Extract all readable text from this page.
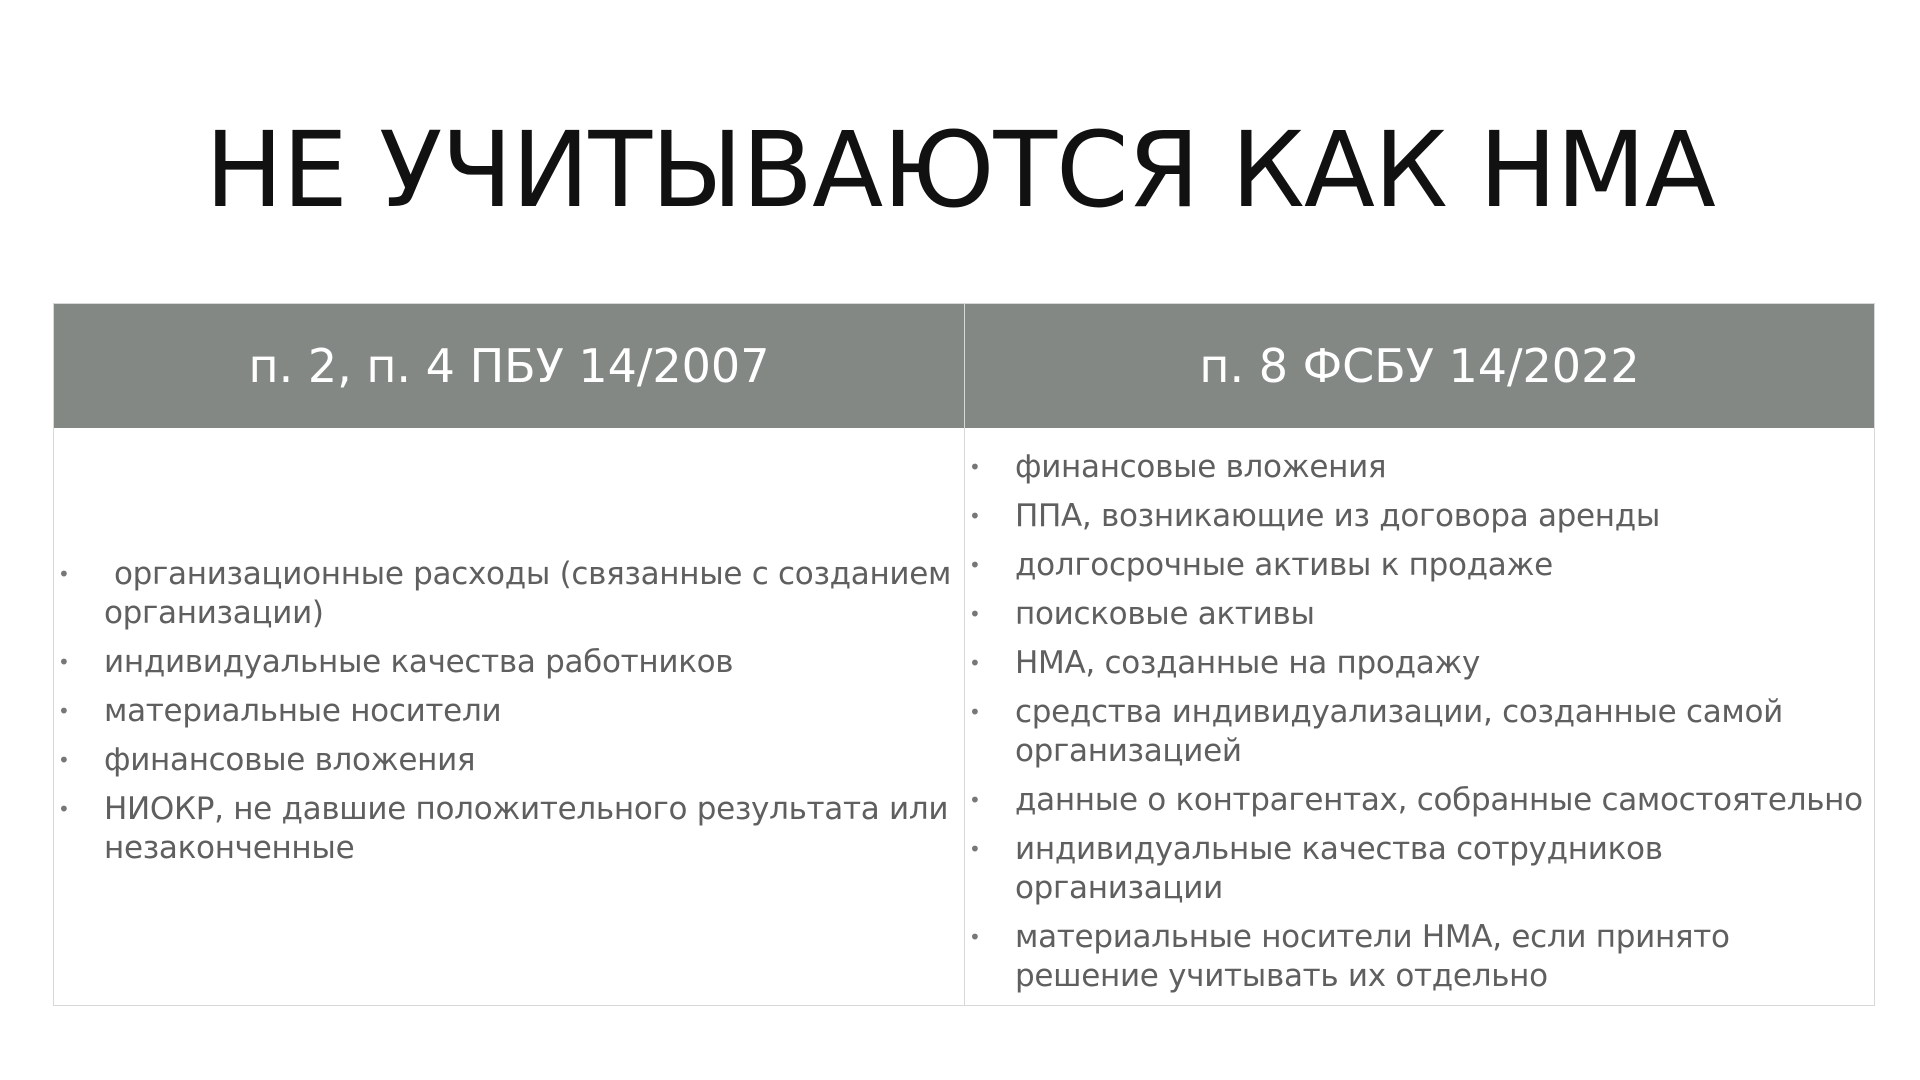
НЕ УЧИТЫВАЮТСЯ КАК НМА
п. 2, п. 4 ПБУ 14/2007
• организационные расходы (связанные с созданием организации)
• индивидуальные качества работников
• материальные носители
• финансовые вложения
• НИОКР, не давшие положительного результата или незаконченные
п. 8 ФСБУ 14/2022
• финансовые вложения
• ППА, возникающие из договора аренды
• долгосрочные активы к продаже
• поисковые активы
• НМА, созданные на продажу
• средства индивидуализации, созданные самой организацией
• данные о контрагентах, собранные самостоятельно
• индивидуальные качества сотрудников организации
• материальные носители НМА, если принято решение учитывать их отдельно
